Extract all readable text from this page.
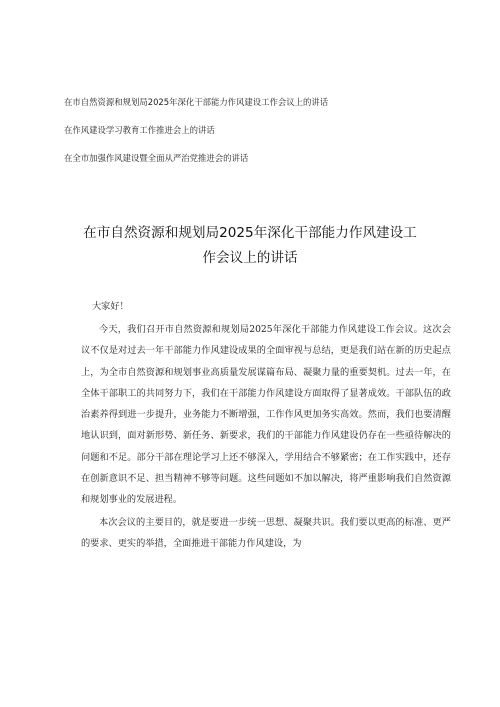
在市自然资源和规划局2025年深化干部能力作风建设工作会议上的讲话

在作风建设学习教育工作推进会上的讲话

在全市加强作风建设暨全面从严治党推进会的讲话

在市自然资源和规划局2025年深化干部能力作风建设工
作会议上的讲话

大家好！

今天，我们召开市自然资源和规划局2025年深化干部能力作风建设工作会议。这次会议不仅是对过去一年干部能力作风建设成果的全面审视与总结，更是我们站在新的历史起点上，为全市自然资源和规划事业高质量发展谋篇布局、凝聚力量的重要契机。过去一年，在全体干部职工的共同努力下，我们在干部能力作风建设方面取得了显著成效。干部队伍的政治素养得到进一步提升，业务能力不断增强，工作作风更加务实高效。然而，我们也要清醒地认识到，面对新形势、新任务、新要求，我们的干部能力作风建设仍存在一些亟待解决的问题和不足。部分干部在理论学习上还不够深入，学用结合不够紧密；在工作实践中，还存在创新意识不足、担当精神不够等问题。这些问题如不加以解决，将严重影响我们自然资源和规划事业的发展进程。

本次会议的主要目的，就是要进一步统一思想、凝聚共识。我们要以更高的标准、更严的要求、更实的举措，全面推进干部能力作风建设，为
